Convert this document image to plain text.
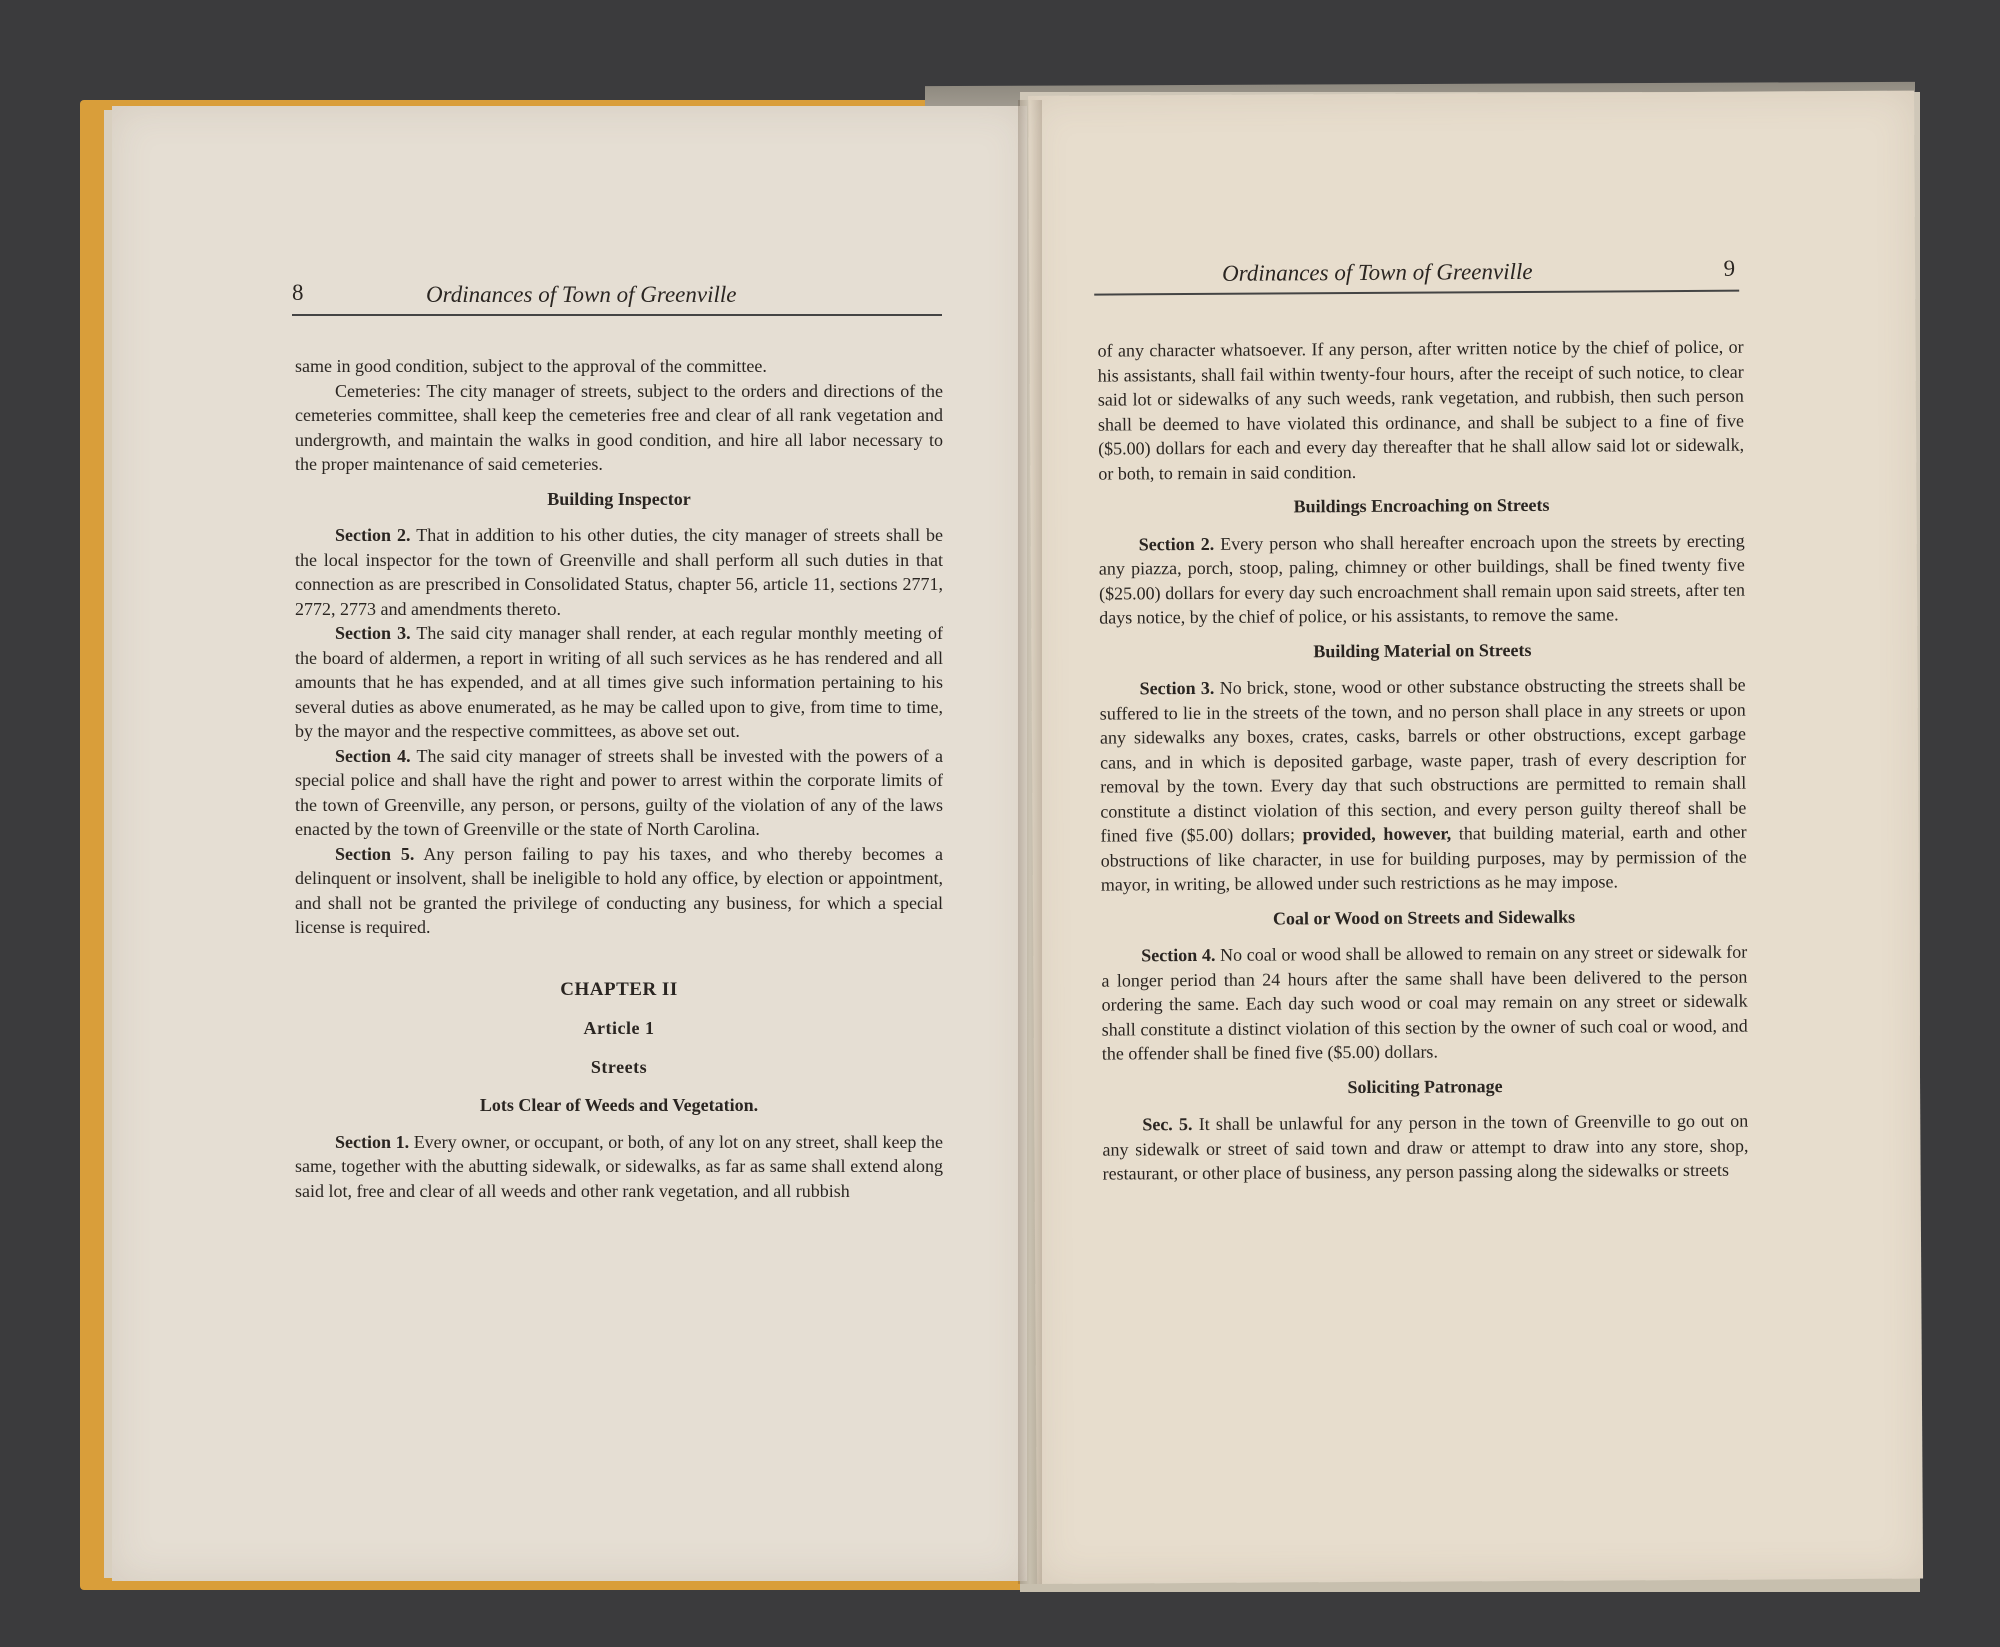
8	Ordinances of Town of Greenville

same in good condition, subject to the approval of the committee.

Cemeteries: The city manager of streets, subject to the orders and directions of the cemeteries committee, shall keep the cemeteries free and clear of all rank vegetation and undergrowth, and maintain the walks in good condition, and hire all labor necessary to the proper maintenance of said cemeteries.

Building Inspector

Section 2. That in addition to his other duties, the city manager of streets shall be the local inspector for the town of Greenville and shall perform all such duties in that connection as are prescribed in Consolidated Status, chapter 56, article 11, sections 2771, 2772, 2773 and amendments thereto.

Section 3. The said city manager shall render, at each regular monthly meeting of the board of aldermen, a report in writing of all such services as he has rendered and all amounts that he has expended, and at all times give such information pertaining to his several duties as above enumerated, as he may be called upon to give, from time to time, by the mayor and the respective committees, as above set out.

Section 4. The said city manager of streets shall be invested with the powers of a special police and shall have the right and power to arrest within the corporate limits of the town of Greenville, any person, or persons, guilty of the violation of any of the laws enacted by the town of Greenville or the state of North Carolina.

Section 5. Any person failing to pay his taxes, and who thereby becomes a delinquent or insolvent, shall be ineligible to hold any office, by election or appointment, and shall not be granted the privilege of conducting any business, for which a special license is required.

CHAPTER II

Article 1

Streets

Lots Clear of Weeds and Vegetation.

Section 1. Every owner, or occupant, or both, of any lot on any street, shall keep the same, together with the abutting sidewalk, or sidewalks, as far as same shall extend along said lot, free and clear of all weeds and other rank vegetation, and all rubbish

Ordinances of Town of Greenville	9

of any character whatsoever. If any person, after written notice by the chief of police, or his assistants, shall fail within twenty-four hours, after the receipt of such notice, to clear said lot or sidewalks of any such weeds, rank vegetation, and rubbish, then such person shall be deemed to have violated this ordinance, and shall be subject to a fine of five ($5.00) dollars for each and every day thereafter that he shall allow said lot or sidewalk, or both, to remain in said condition.

Buildings Encroaching on Streets

Section 2. Every person who shall hereafter encroach upon the streets by erecting any piazza, porch, stoop, paling, chimney or other buildings, shall be fined twenty five ($25.00) dollars for every day such encroachment shall remain upon said streets, after ten days notice, by the chief of police, or his assistants, to remove the same.

Building Material on Streets

Section 3. No brick, stone, wood or other substance obstructing the streets shall be suffered to lie in the streets of the town, and no person shall place in any streets or upon any sidewalks any boxes, crates, casks, barrels or other obstructions, except garbage cans, and in which is deposited garbage, waste paper, trash of every description for removal by the town. Every day that such obstructions are permitted to remain shall constitute a distinct violation of this section, and every person guilty thereof shall be fined five ($5.00) dollars; provided, however, that building material, earth and other obstructions of like character, in use for building purposes, may by permission of the mayor, in writing, be allowed under such restrictions as he may impose.

Coal or Wood on Streets and Sidewalks

Section 4. No coal or wood shall be allowed to remain on any street or sidewalk for a longer period than 24 hours after the same shall have been delivered to the person ordering the same. Each day such wood or coal may remain on any street or sidewalk shall constitute a distinct violation of this section by the owner of such coal or wood, and the offender shall be fined five ($5.00) dollars.

Soliciting Patronage

Sec. 5. It shall be unlawful for any person in the town of Greenville to go out on any sidewalk or street of said town and draw or attempt to draw into any store, shop, restaurant, or other place of business, any person passing along the sidewalks or streets
